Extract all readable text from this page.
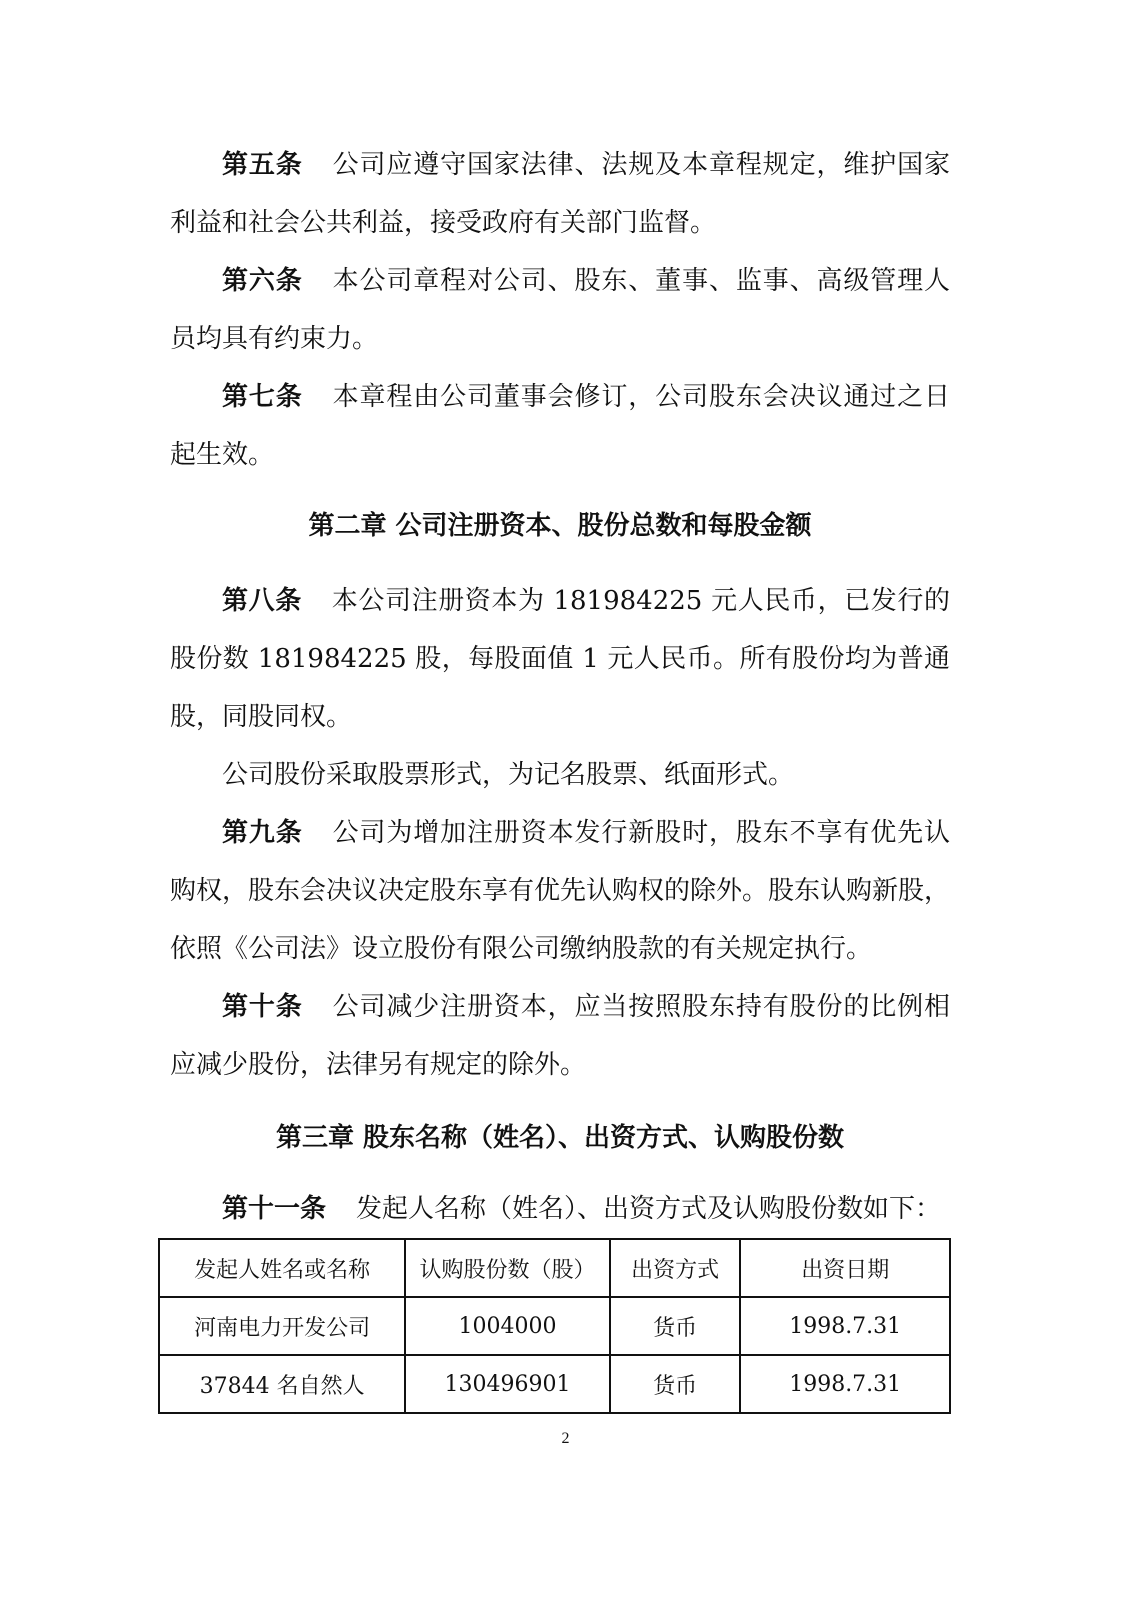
第五条 公司应遵守国家法律、法规及本章程规定，维护国家利益和社会公共利益，接受政府有关部门监督。

第六条 本公司章程对公司、股东、董事、监事、高级管理人员均具有约束力。

第七条 本章程由公司董事会修订，公司股东会决议通过之日起生效。

第二章 公司注册资本、股份总数和每股金额

第八条 本公司注册资本为 181984225 元人民币，已发行的股份数 181984225 股，每股面值 1 元人民币。所有股份均为普通股，同股同权。

公司股份采取股票形式，为记名股票、纸面形式。

第九条 公司为增加注册资本发行新股时，股东不享有优先认购权，股东会决议决定股东享有优先认购权的除外。股东认购新股，依照《公司法》设立股份有限公司缴纳股款的有关规定执行。

第十条 公司减少注册资本，应当按照股东持有股份的比例相应减少股份，法律另有规定的除外。

第三章 股东名称（姓名）、出资方式、认购股份数

第十一条 发起人名称（姓名）、出资方式及认购股份数如下：

发起人姓名或名称	认购股份数（股）	出资方式	出资日期
河南电力开发公司	1004000	货币	1998.7.31
37844 名自然人	130496901	货币	1998.7.31
2
